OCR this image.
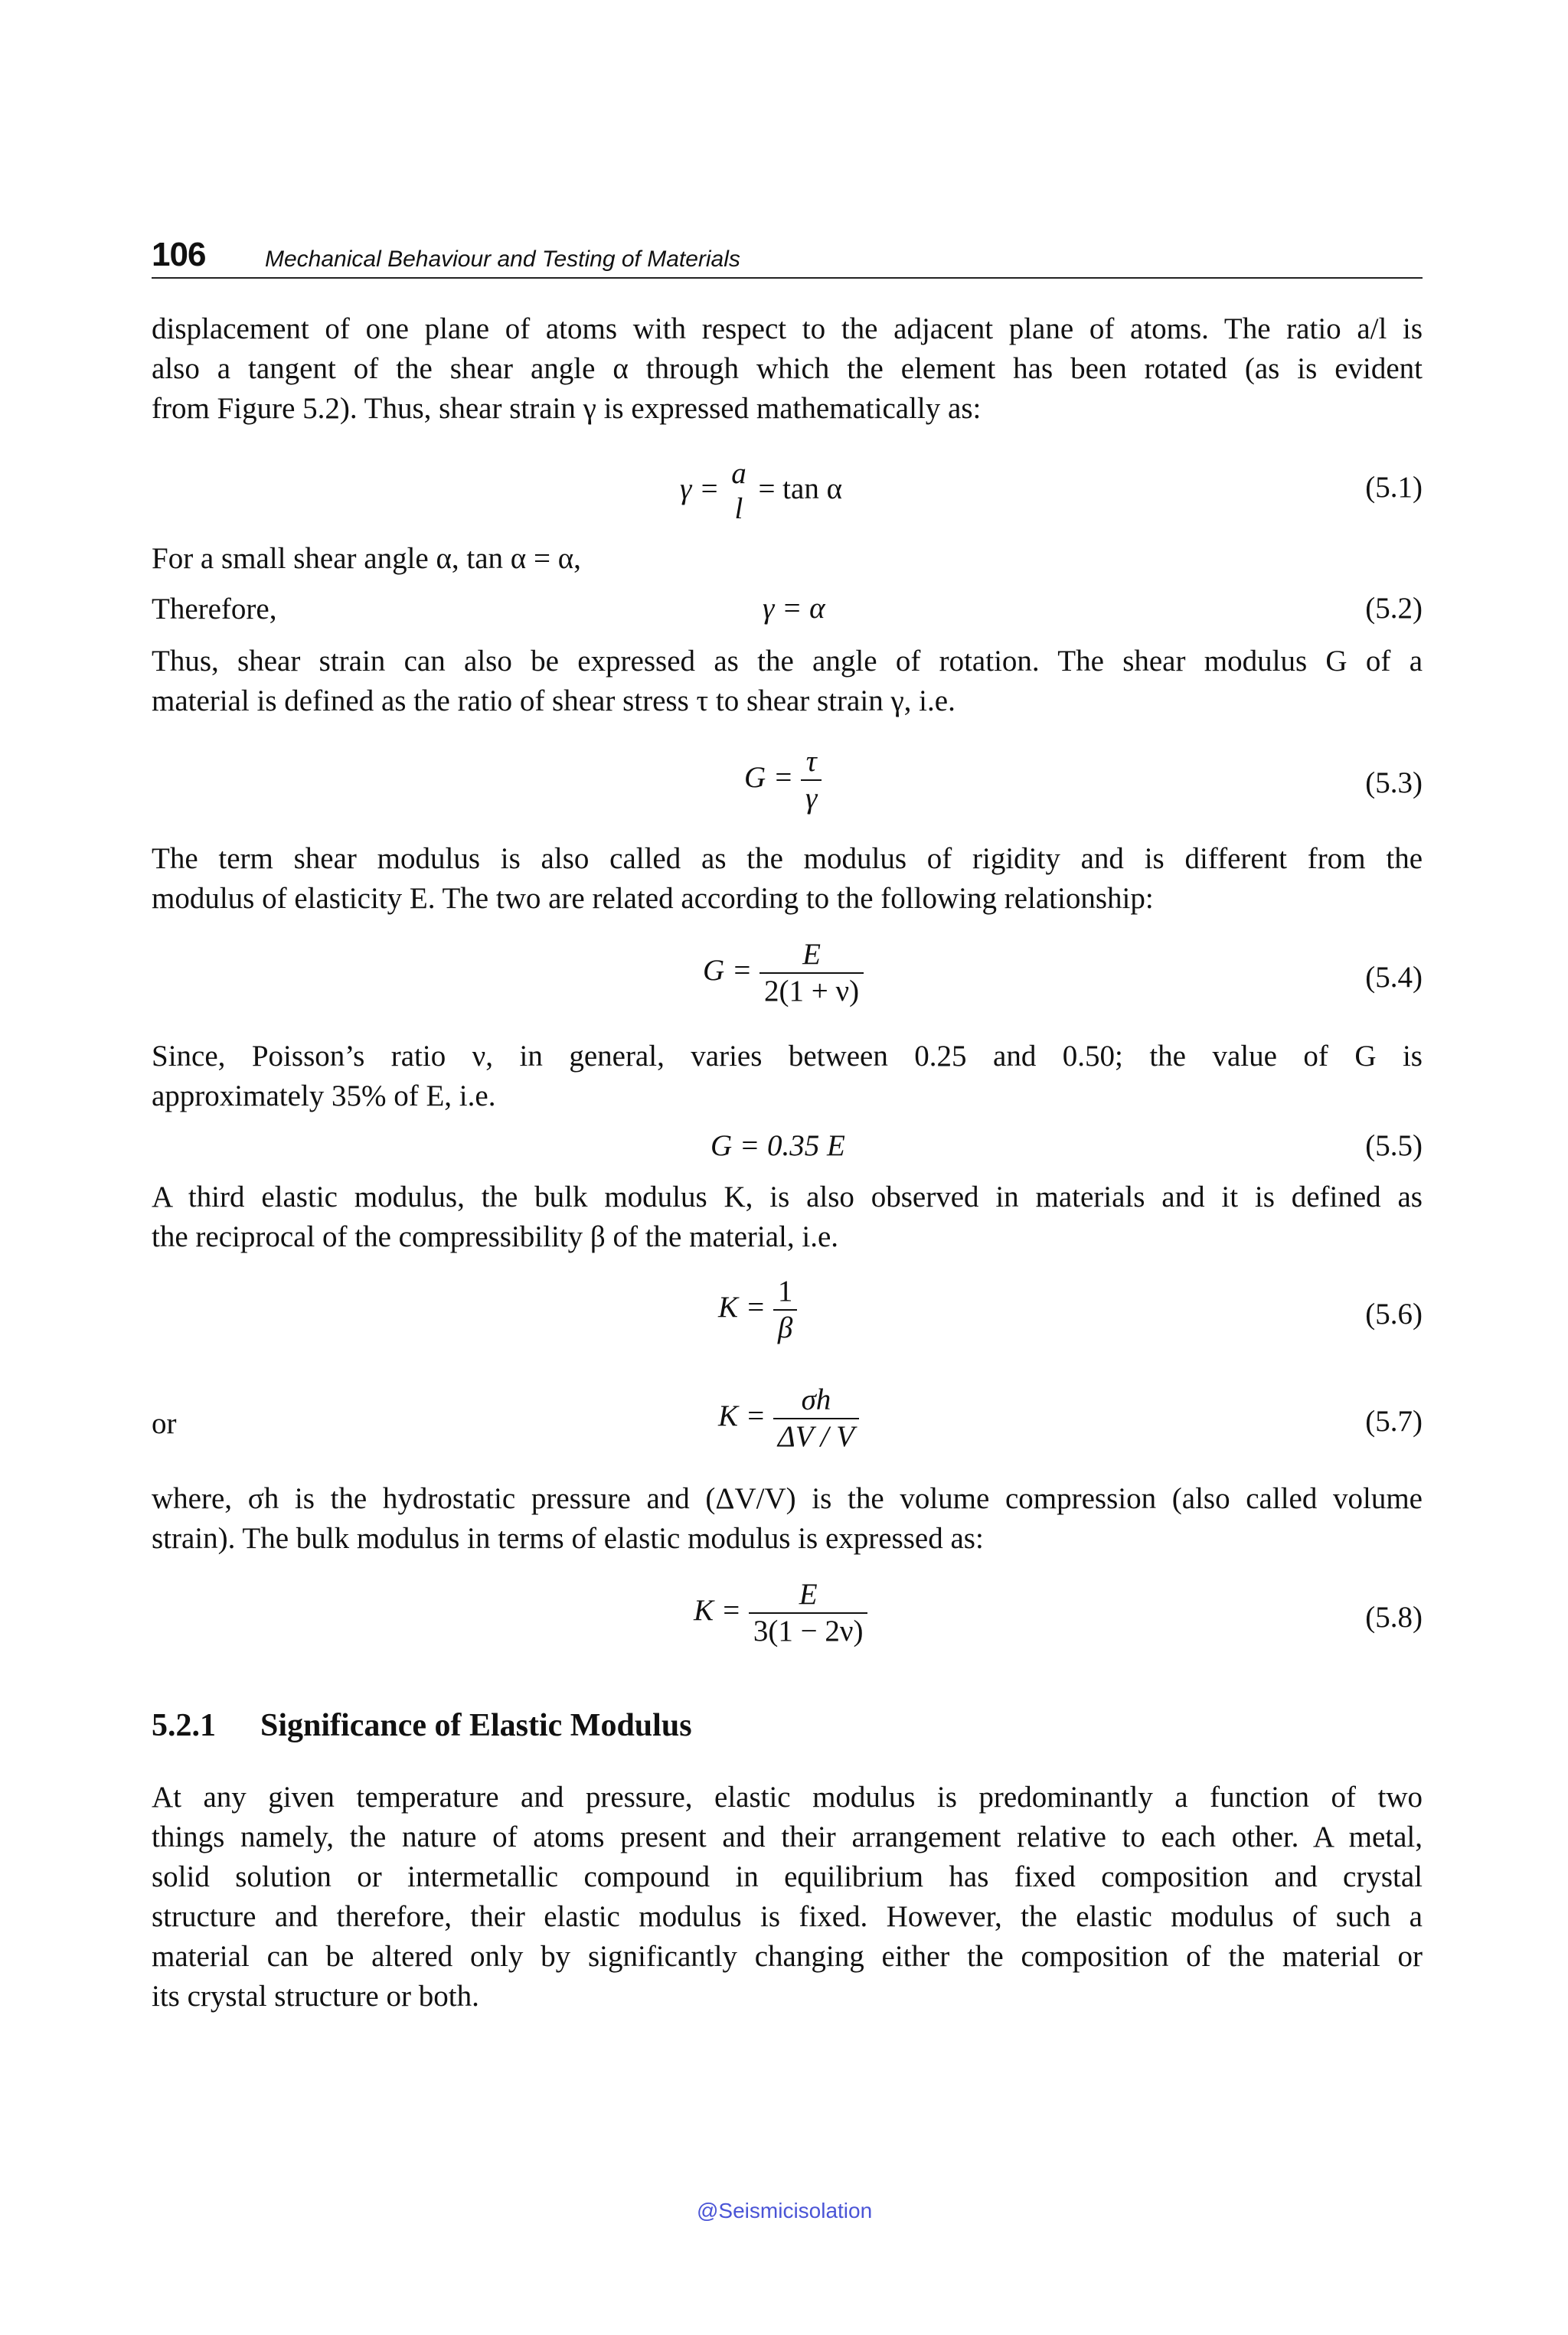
106	Mechanical Behaviour and Testing of Materials
displacement of one plane of atoms with respect to the adjacent plane of atoms. The ratio a/l is
also a tangent of the shear angle α through which the element has been rotated (as is evident
from Figure 5.2). Thus, shear strain γ is expressed mathematically as:
γ = a
l
= tan α	(5.1)
For a small shear angle α, tan α = α,
Therefore,	γ = α	(5.2)
Thus, shear strain can also be expressed as the angle of rotation. The shear modulus G of a
material is defined as the ratio of shear stress τ to shear strain γ, i.e.
$G = \frac{\tau}{\gamma}$	(5.3)
The term shear modulus is also called as the modulus of rigidity and is different from the
modulus of elasticity E. The two are related according to the following relationship:
$G = \frac{E}{2(1 + \nu)}$	(5.4)
Since, Poisson’s ratio ν, in general, varies between 0.25 and 0.50; the value of G is
approximately 35% of E, i.e.
G = 0.35 E	(5.5)
A third elastic modulus, the bulk modulus K, is also observed in materials and it is defined as
the reciprocal of the compressibility β of the material, i.e.
$K = \frac{1}{\beta}$	(5.6)
or	$K = \frac{\sigma h}{\Delta V / V}$	(5.7)
where, σh is the hydrostatic pressure and (ΔV/V) is the volume compression (also called volume
strain). The bulk modulus in terms of elastic modulus is expressed as:
$K = \frac{E}{3(1 - 2\nu)}$	(5.8)
5.2.1 Significance of Elastic Modulus
At any given temperature and pressure, elastic modulus is predominantly a function of two
things namely, the nature of atoms present and their arrangement relative to each other. A metal,
solid solution or intermetallic compound in equilibrium has fixed composition and crystal
structure and therefore, their elastic modulus is fixed. However, the elastic modulus of such a
material can be altered only by significantly changing either the composition of the material or
its crystal structure or both.
@Seismicisolation
